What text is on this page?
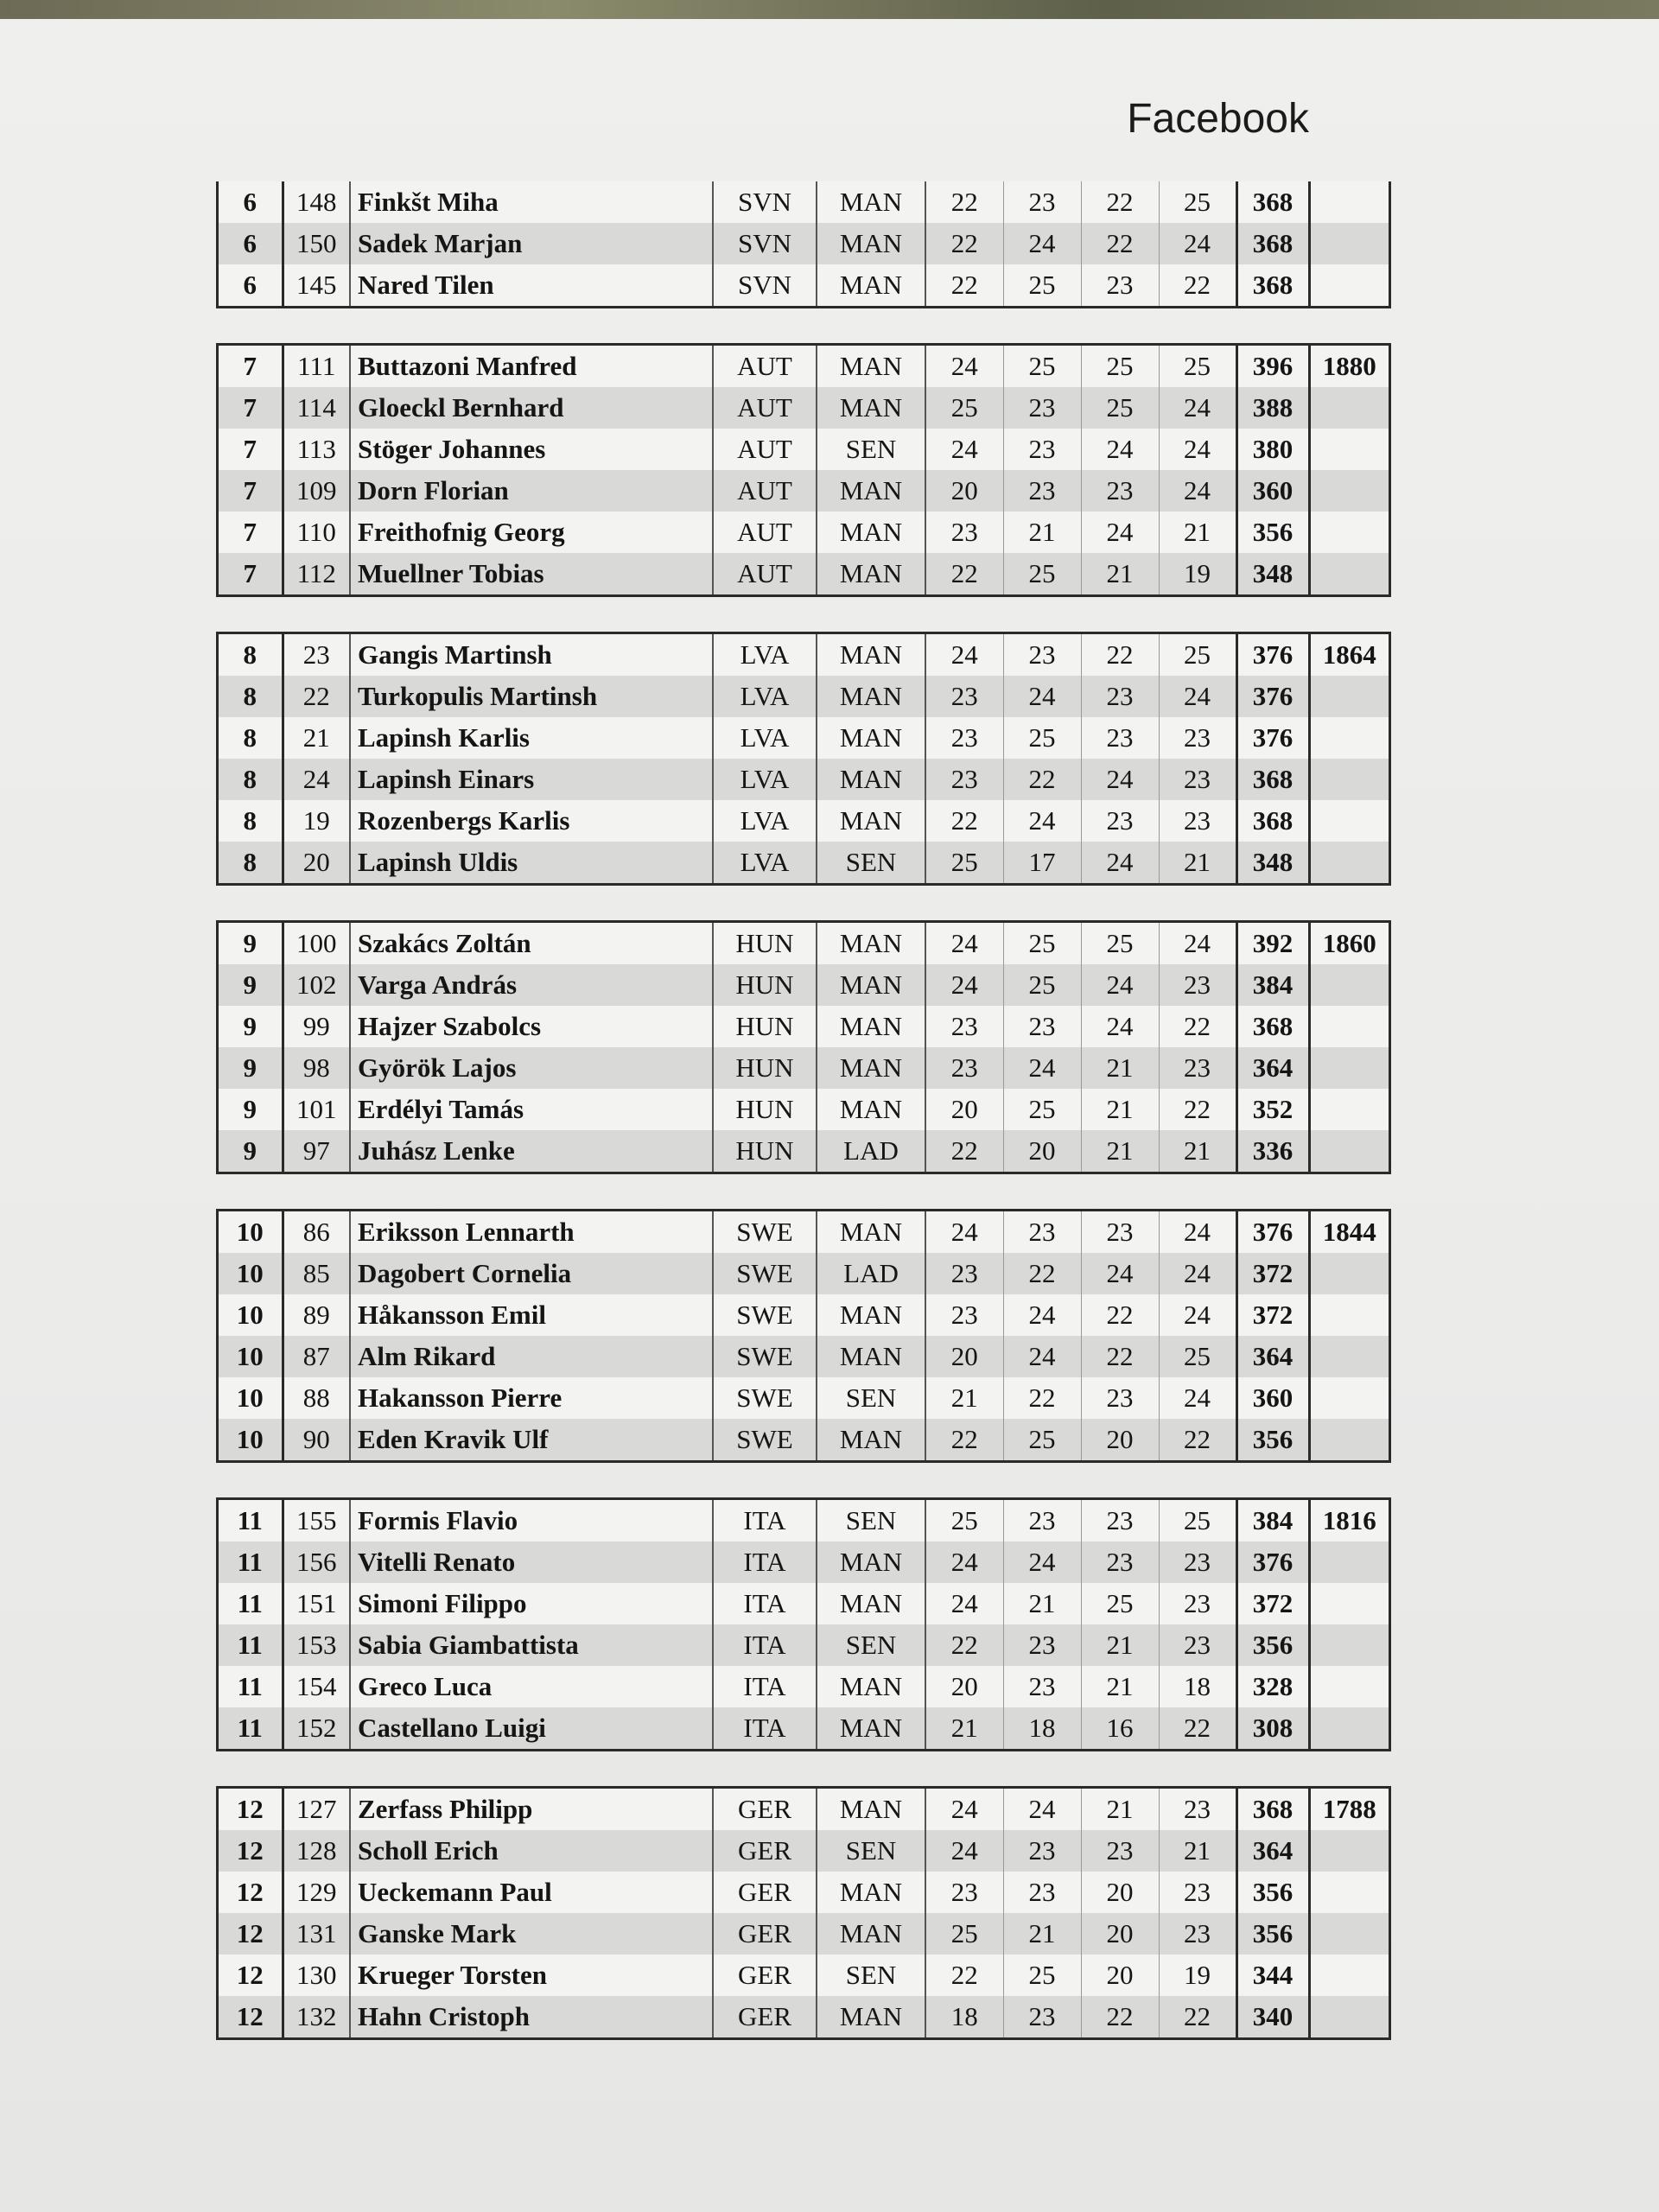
Facebook
6	148	Finkšt Miha	SVN	MAN	22	23	22	25	368	
6	150	Sadek Marjan	SVN	MAN	22	24	22	24	368	
6	145	Nared Tilen	SVN	MAN	22	25	23	22	368	
7	111	Buttazoni Manfred	AUT	MAN	24	25	25	25	396	1880
7	114	Gloeckl Bernhard	AUT	MAN	25	23	25	24	388	
7	113	Stöger Johannes	AUT	SEN	24	23	24	24	380	
7	109	Dorn Florian	AUT	MAN	20	23	23	24	360	
7	110	Freithofnig Georg	AUT	MAN	23	21	24	21	356	
7	112	Muellner Tobias	AUT	MAN	22	25	21	19	348	
8	23	Gangis Martinsh	LVA	MAN	24	23	22	25	376	1864
8	22	Turkopulis Martinsh	LVA	MAN	23	24	23	24	376	
8	21	Lapinsh Karlis	LVA	MAN	23	25	23	23	376	
8	24	Lapinsh Einars	LVA	MAN	23	22	24	23	368	
8	19	Rozenbergs Karlis	LVA	MAN	22	24	23	23	368	
8	20	Lapinsh Uldis	LVA	SEN	25	17	24	21	348	
9	100	Szakács Zoltán	HUN	MAN	24	25	25	24	392	1860
9	102	Varga András	HUN	MAN	24	25	24	23	384	
9	99	Hajzer Szabolcs	HUN	MAN	23	23	24	22	368	
9	98	Györök Lajos	HUN	MAN	23	24	21	23	364	
9	101	Erdélyi Tamás	HUN	MAN	20	25	21	22	352	
9	97	Juhász Lenke	HUN	LAD	22	20	21	21	336	
10	86	Eriksson Lennarth	SWE	MAN	24	23	23	24	376	1844
10	85	Dagobert Cornelia	SWE	LAD	23	22	24	24	372	
10	89	Håkansson Emil	SWE	MAN	23	24	22	24	372	
10	87	Alm Rikard	SWE	MAN	20	24	22	25	364	
10	88	Hakansson Pierre	SWE	SEN	21	22	23	24	360	
10	90	Eden Kravik Ulf	SWE	MAN	22	25	20	22	356	
11	155	Formis Flavio	ITA	SEN	25	23	23	25	384	1816
11	156	Vitelli Renato	ITA	MAN	24	24	23	23	376	
11	151	Simoni Filippo	ITA	MAN	24	21	25	23	372	
11	153	Sabia Giambattista	ITA	SEN	22	23	21	23	356	
11	154	Greco Luca	ITA	MAN	20	23	21	18	328	
11	152	Castellano Luigi	ITA	MAN	21	18	16	22	308	
12	127	Zerfass Philipp	GER	MAN	24	24	21	23	368	1788
12	128	Scholl Erich	GER	SEN	24	23	23	21	364	
12	129	Ueckemann Paul	GER	MAN	23	23	20	23	356	
12	131	Ganske Mark	GER	MAN	25	21	20	23	356	
12	130	Krueger Torsten	GER	SEN	22	25	20	19	344	
12	132	Hahn Cristoph	GER	MAN	18	23	22	22	340	
